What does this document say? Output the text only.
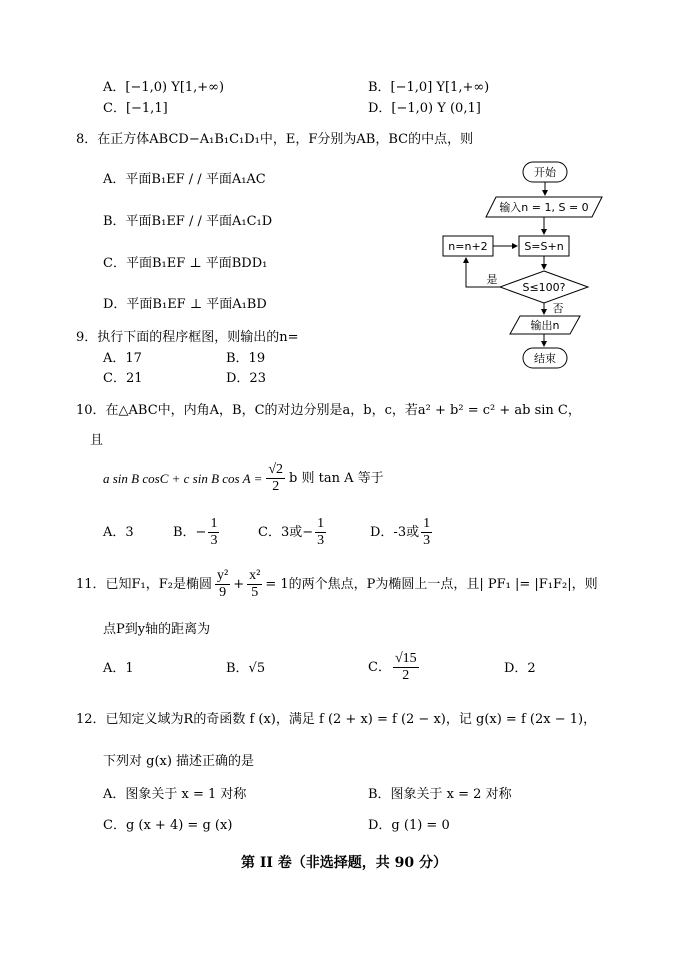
A．[−1,0) Y[1,+∞)	B．[−1,0] Y[1,+∞)
C．[−1,1]	D．[−1,0) Y (0,1]
8．在正方体ABCD−A₁B₁C₁D₁中，E，F分别为AB，BC的中点，则
A．平面B₁EF / / 平面A₁AC
B．平面B₁EF / / 平面A₁C₁D
C．平面B₁EF ⊥ 平面BDD₁
D．平面B₁EF ⊥ 平面A₁BD
开始
输入n = 1, S = 0
S=S+n
n=n+2
S≤100?
是
否
输出n
结束
9．执行下面的程序框图，则输出的n=
A．17	B．19
C．21	D．23
10．在△ABC中，内角A，B，C的对边分别是a，b，c，若a² + b² = c² + ab sin C，
且
a sin B cosC + c sin B $\cos A = \frac{√2}{2}$ b 则 tan A 等于
A．3	B．− $\frac{1}{3}$	C．3或− $\frac{1}{3}$	D．-3或 $\frac{1}{3}$
11．已知F₁，F₂是椭圆 $\frac{\text{y²}}{9} + \frac{\text{x²}}{5} = 1$的两个焦点，P为椭圆上一点，且| PF₁ |= |F₁F₂|，则
点P到y轴的距离为
A．1	B．√5	C． $\frac{√15}{2}$	D．2
12．已知定义域为R的奇函数 f (x)，满足 f (2 + x) = f (2 − x)，记 g(x) = f (2x − 1)，
下列对 g(x) 描述正确的是
A．图象关于 x = 1 对称	B．图象关于 x = 2 对称
C．g (x + 4) = g (x)	D．g (1) = 0
第 II 卷（非选择题，共 90 分）
